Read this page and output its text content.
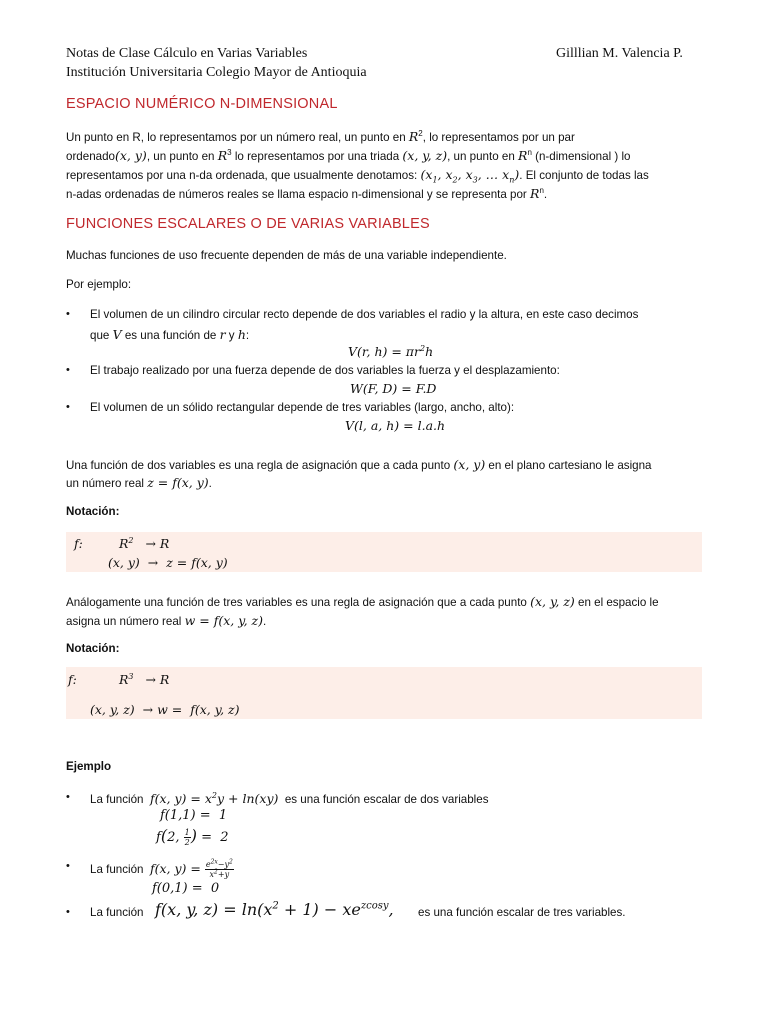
Notas de Clase Cálculo en Varias Variables
Institución Universitaria Colegio Mayor de Antioquia
Gilllian M. Valencia P.
ESPACIO NUMÉRICO N-DIMENSIONAL
Un punto en R, lo representamos por un número real, un punto en $R^2$, lo representamos por un par
ordenado(x, y), un punto en $R^3$ lo representamos por una triada (x, y, z), un punto en $R^n$ (n-dimensional ) lo
representamos por una n-da ordenada, que usualmente denotamos: ($x_1$, $x_2$, $x_3$, … $x_n$). El conjunto de todas las
n-adas ordenadas de números reales se llama espacio n-dimensional y se representa por $R^n$.
FUNCIONES ESCALARES O DE VARIAS VARIABLES
Muchas funciones de uso frecuente dependen de más de una variable independiente.
Por ejemplo:
• El volumen de un cilindro circular recto depende de dos variables el radio y la altura, en este caso decimos
que V es una función de r y h:
V(r, $h) = \pi r^2h$
• El trabajo realizado por una fuerza depende de dos variables la fuerza y el desplazamiento:
W(F, D) = F.D
• El volumen de un sólido rectangular depende de tres variables (largo, ancho, alto):
V(l, a, h) = l.a.h
Una función de dos variables es una regla de asignación que a cada punto (x, y) en el plano cartesiano le asigna
un número real z = f(x, y).
Notación:
f:	$R^2 \to R$
(x, y)  →  z = f(x, y)
Análogamente una función de tres variables es una regla de asignación que a cada punto (x, y, z) en el espacio le
asigna un número real w = f(x, y, z).
Notación:
f:	$R^3 \to R$
(x, y, z)  → w =  f(x, y, z)
Ejemplo
• La función f(x, $y) = x^2y + \ln(xy)$ es una función escalar de dos variables
f(1,1) =  1
f(2, $\frac{1}{2}$ ) =  2
• La función f(x, $y) = \frac{e^{2x}-y^2}{x^2+y}$
f(0,1) =  0
• La función f(x, y, $z) = \ln(x^2 + 1) - xe^{zcosy}$, es una función escalar de tres variables.
